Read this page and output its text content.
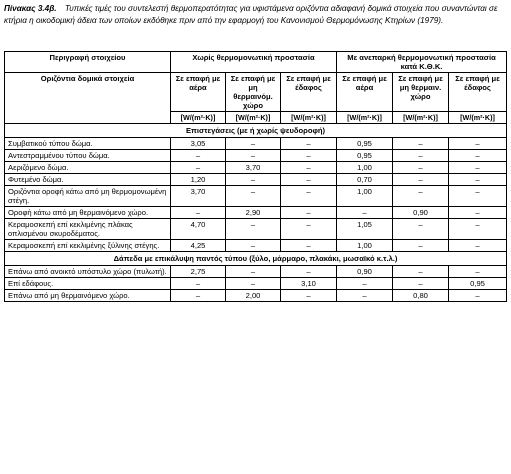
Πίνακας 3.4β. Τυπικές τιμές του συντελεστή θερμοπερατότητας για υφιστάμενα οριζόντια αδιαφανή δομικά στοιχεία που συναντώνται σε κτήρια η οικοδομική άδεια των οποίων εκδόθηκε πριν από την εφαρμογή του Κανονισμού Θερμομόνωσης Κτηρίων (1979).
Περιγραφή στοιχείου	Χωρίς θερμομονωτική προστασία			Με ανεπαρκή θερμομονωτική προστασία κατά Κ.Θ.Κ.		
Οριζόντια δομικά στοιχεία	Σε επαφή με αέρα	Σε επαφή με μη θερμαινόμ. χώρο	Σε επαφή με έδαφος	Σε επαφή με αέρα	Σε επαφή με μη θερμαιν. χώρο	Σε επαφή με έδαφος
	[W/(m²·K)]	[W/(m²·K)]	[W/(m²·K)]	[W/(m²·K)]	[W/(m²·K)]	[W/(m²·K)]
Επιστεγάσεις (με ή χωρίς ψευδοροφή)						
Συμβατικού τύπου δώμα.	3,05	–	–	0,95	–	–
Αντεστραμμένου τύπου δώμα.	–	–	–	0,95	–	–
Αεριζόμενο δώμα.	–	3,70	–	1,00	–	–
Φυτεμένο δώμα.	1,20	–	–	0,70	–	–
Οριζόντια οροφή κάτω από μη θερμομονωμένη στέγη.	3,70	–	–	1,00	–	–
Οροφή κάτω από μη θερμαινόμενο χώρο.	–	2,90	–	–	0,90	–
Κεραμοσκεπή επί κεκλιμένης πλάκας οπλισμένου σκυροδέματος.	4,70	–	–	1,05	–	–
Κεραμοσκεπή επί κεκλιμένης ξύλινης στέγης.	4,25	–	–	1,00	–	–
Δάπεδα με επικάλυψη παντός τύπου (ξύλο, μάρμαρο, πλακάκι, μωσαϊκό κ.τ.λ.)						
Επάνω από ανοικτό υπόστυλο χώρο (πυλωτή).	2,75	–	–	0,90	–	–
Επί εδάφους.	–	–	3,10	–	–	0,95
Επάνω από μη θερμαινόμενο χώρο.	–	2,00	–	–	0,80	–
